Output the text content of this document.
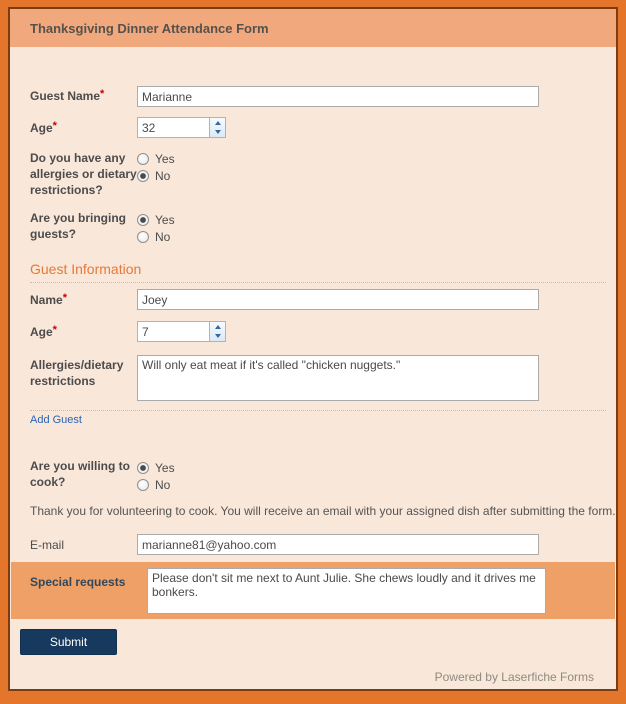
Thanksgiving Dinner Attendance Form
Guest Name*
Marianne
Age*
32
Do you have any allergies or dietary restrictions?
Yes
No
Are you bringing guests?
Yes
No
Guest Information
Name*
Joey
Age*
7
Allergies/dietary restrictions
Will only eat meat if it's called "chicken nuggets."
Add Guest
Are you willing to cook?
Yes
No
Thank you for volunteering to cook. You will receive an email with your assigned dish after submitting the form.
E-mail
marianne81@yahoo.com
Special requests
Please don't sit me next to Aunt Julie. She chews loudly and it drives me bonkers.
Submit
Powered by Laserfiche Forms
